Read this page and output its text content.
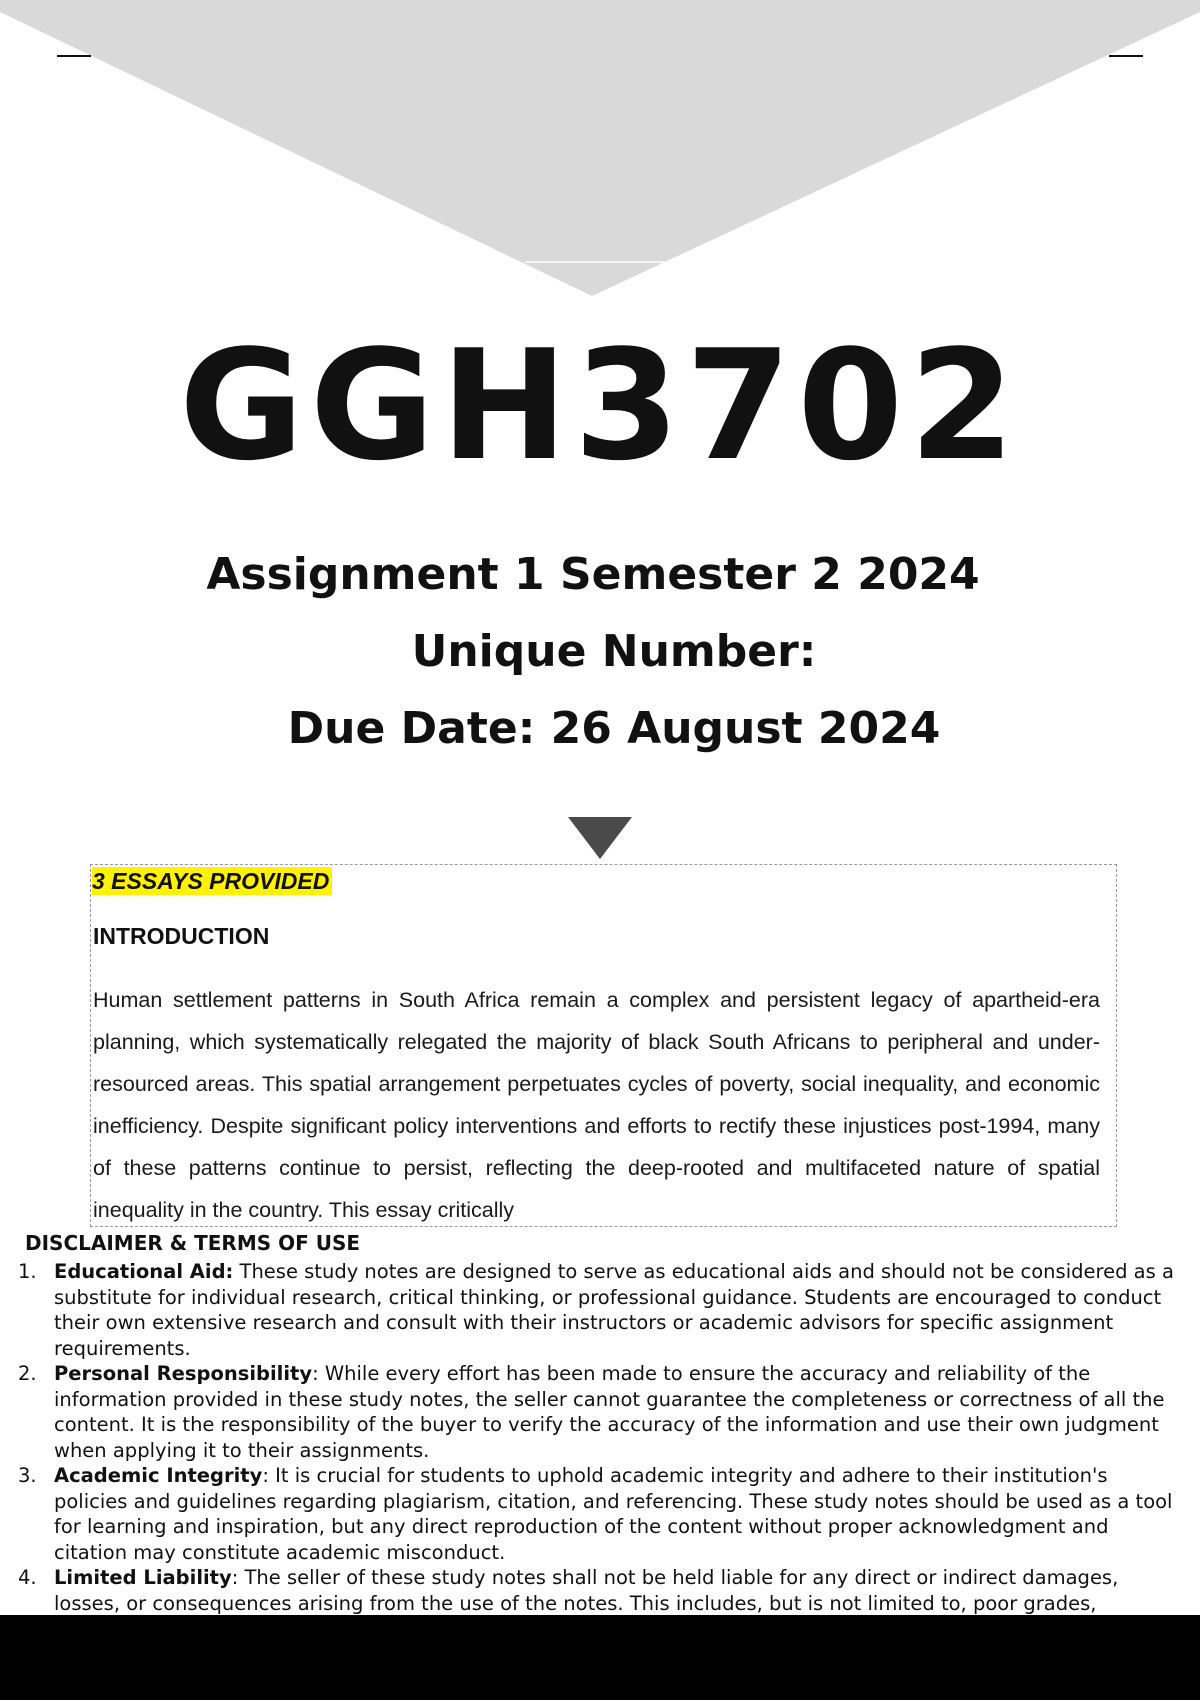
GGH3702
Assignment 1 Semester 2 2024
Unique Number:
Due Date: 26 August 2024
3 ESSAYS PROVIDED
INTRODUCTION
Human settlement patterns in South Africa remain a complex and persistent legacy of apartheid-era planning, which systematically relegated the majority of black South Africans to peripheral and under-resourced areas. This spatial arrangement perpetuates cycles of poverty, social inequality, and economic inefficiency. Despite significant policy interventions and efforts to rectify these injustices post-1994, many of these patterns continue to persist, reflecting the deep-rooted and multifaceted nature of spatial inequality in the country. This essay critically
DISCLAIMER & TERMS OF USE
1. Educational Aid: These study notes are designed to serve as educational aids and should not be considered as a substitute for individual research, critical thinking, or professional guidance. Students are encouraged to conduct their own extensive research and consult with their instructors or academic advisors for specific assignment requirements.
2. Personal Responsibility: While every effort has been made to ensure the accuracy and reliability of the information provided in these study notes, the seller cannot guarantee the completeness or correctness of all the content. It is the responsibility of the buyer to verify the accuracy of the information and use their own judgment when applying it to their assignments.
3. Academic Integrity: It is crucial for students to uphold academic integrity and adhere to their institution's policies and guidelines regarding plagiarism, citation, and referencing. These study notes should be used as a tool for learning and inspiration, but any direct reproduction of the content without proper acknowledgment and citation may constitute academic misconduct.
4. Limited Liability: The seller of these study notes shall not be held liable for any direct or indirect damages, losses, or consequences arising from the use of the notes. This includes, but is not limited to, poor grades,
